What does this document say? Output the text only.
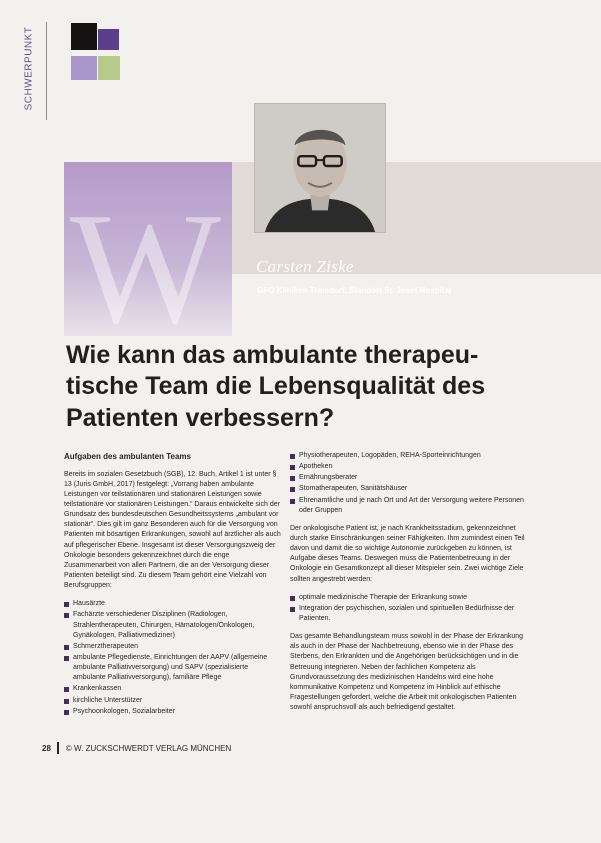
SCHWERPUNKT
W Carsten Ziske
GFO Kliniken Troisdorf, Standort St. Josef Hospital
Wie kann das ambulante therapeu-
tische Team die Lebensqualität des
Patienten verbessern?
Aufgaben des ambulanten Teams

Bereits im sozialen Gesetzbuch (SGB), 12. Buch, Artikel 1 ist unter § 13 (Juris GmbH, 2017) festgelegt: „Vorrang haben ambulante Leistungen vor teilstationären und stationären Leistungen sowie teilstationäre vor stationären Leistungen.“ Daraus entwickelte sich der Grundsatz des bundesdeutschen Gesundheitssystems „ambulant vor stationär“. Dies gilt im ganz Besonderen auch für die Versorgung von Patienten mit bösartigen Erkrankungen, sowohl auf ärztlicher als auch auf pflegerischer Ebene. Insgesamt ist dieser Versorgungszweig der Onkologie besonders gekennzeichnet durch die enge Zusammenarbeit von allen Partnern, die an der Versorgung dieser Patienten beteiligt sind. Zu diesem Team gehört eine Vielzahl von Berufsgruppen:

Hausärzte
Fachärzte verschiedener Disziplinen (Radiologen, Strahlentherapeuten, Chirurgen, Hämatologen/Onkologen, Gynäkologen, Palliativmediziner)
Schmerztherapeuten
ambulante Pflegedienste, Einrichtungen der AAPV (allgemeine ambulante Palliativversorgung) und SAPV (spezialisierte ambulante Palliativversorgung), familiäre Pflege
Krankenkassen
kirchliche Unterstützer
Psychoonkologen, Sozialarbeiter
Physiotherapeuten, Logopäden, REHA-Sporteinrichtungen
Apotheken
Ernährungsberater
Stomatherapeuten, Sanitätshäuser
Ehrenamtliche und je nach Ort und Art der Versorgung weitere Personen oder Gruppen

Der onkologische Patient ist, je nach Krankheitsstadium, gekennzeichnet durch starke Einschränkungen seiner Fähigkeiten. Ihm zumindest einen Teil davon und damit die so wichtige Autonomie zurückgeben zu können, ist Aufgabe dieses Teams. Deswegen muss die Patientenbetreuung in der Onkologie ein Gesamtkonzept all dieser Mitspieler sein. Zwei wichtige Ziele sollten angestrebt werden:

optimale medizinische Therapie der Erkrankung sowie
Integration der psychischen, sozialen und spirituellen Bedürfnisse der Patienten.

Das gesamte Behandlungsteam muss sowohl in der Phase der Erkrankung als auch in der Phase der Nachbetreuung, ebenso wie in der Phase des Sterbens, den Erkrankten und die Angehörigen berücksichtigen und in die Betreuung integrieren. Neben der fachlichen Kompetenz als Grundvoraussetzung des medizinischen Handelns wird eine hohe kommunikative Kompetenz und Kompetenz im Hinblick auf ethische Fragestellungen gefordert, welche die Arbeit mit onkologischen Patienten sowohl anspruchsvoll als auch befriedigend gestaltet.

28 © W. ZUCKSCHWERDT VERLAG MÜNCHEN
